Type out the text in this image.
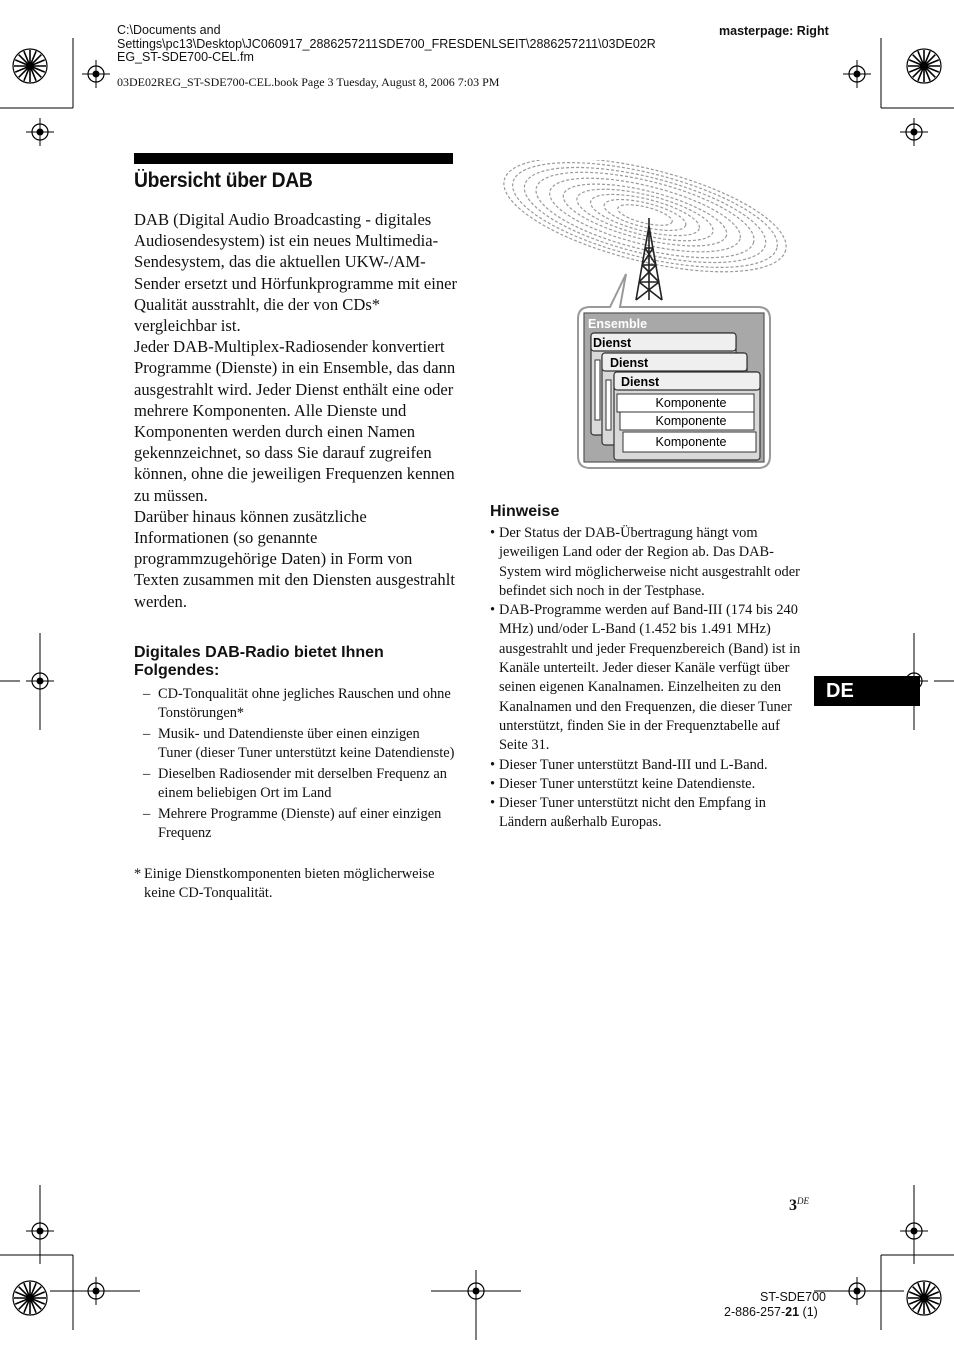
C:\Documents and
Settings\pc13\Desktop\JC060917_2886257211SDE700_FRESDENLSEIT\2886257211\03DE02R
EG_ST-SDE700-CEL.fm
masterpage: Right
03DE02REG_ST-SDE700-CEL.book Page 3 Tuesday, August 8, 2006 7:03 PM
Übersicht über DAB

DAB (Digital Audio Broadcasting - digitales Audiosendesystem) ist ein neues Multimedia-Sendesystem, das die aktuellen UKW-/AM-Sender ersetzt und Hörfunkprogramme mit einer Qualität ausstrahlt, die der von CDs* vergleichbar ist.

Jeder DAB-Multiplex-Radiosender konvertiert Programme (Dienste) in ein Ensemble, das dann ausgestrahlt wird. Jeder Dienst enthält eine oder mehrere Komponenten. Alle Dienste und Komponenten werden durch einen Namen gekennzeichnet, so dass Sie darauf zugreifen können, ohne die jeweiligen Frequenzen kennen zu müssen.

Darüber hinaus können zusätzliche Informationen (so genannte programmzugehörige Daten) in Form von Texten zusammen mit den Diensten ausgestrahlt werden.

Digitales DAB-Radio bietet Ihnen Folgendes:
– CD-Tonqualität ohne jegliches Rauschen und ohne Tonstörungen*
– Musik- und Datendienste über einen einzigen Tuner (dieser Tuner unterstützt keine Datendienste)
– Dieselben Radiosender mit derselben Frequenz an einem beliebigen Ort im Land
– Mehrere Programme (Dienste) auf einer einzigen Frequenz
* Einige Dienstkomponenten bieten möglicherweise keine CD-Tonqualität.
Ensemble
Dienst
Dienst
Dienst
Komponente
Komponente
Komponente
Hinweise
• Der Status der DAB-Übertragung hängt vom jeweiligen Land oder der Region ab. Das DAB-System wird möglicherweise nicht ausgestrahlt oder befindet sich noch in der Testphase.
• DAB-Programme werden auf Band-III (174 bis 240 MHz) und/oder L-Band (1.452 bis 1.491 MHz) ausgestrahlt und jeder Frequenzbereich (Band) ist in Kanäle unterteilt. Jeder dieser Kanäle verfügt über seinen eigenen Kanalnamen. Einzelheiten zu den Kanalnamen und den Frequenzen, die dieser Tuner unterstützt, finden Sie in der Frequenztabelle auf Seite 31.
• Dieser Tuner unterstützt Band-III und L-Band.
• Dieser Tuner unterstützt keine Datendienste.
• Dieser Tuner unterstützt nicht den Empfang in Ländern außerhalb Europas.
DE
3DE
ST-SDE700
2-886-257-21 (1)
